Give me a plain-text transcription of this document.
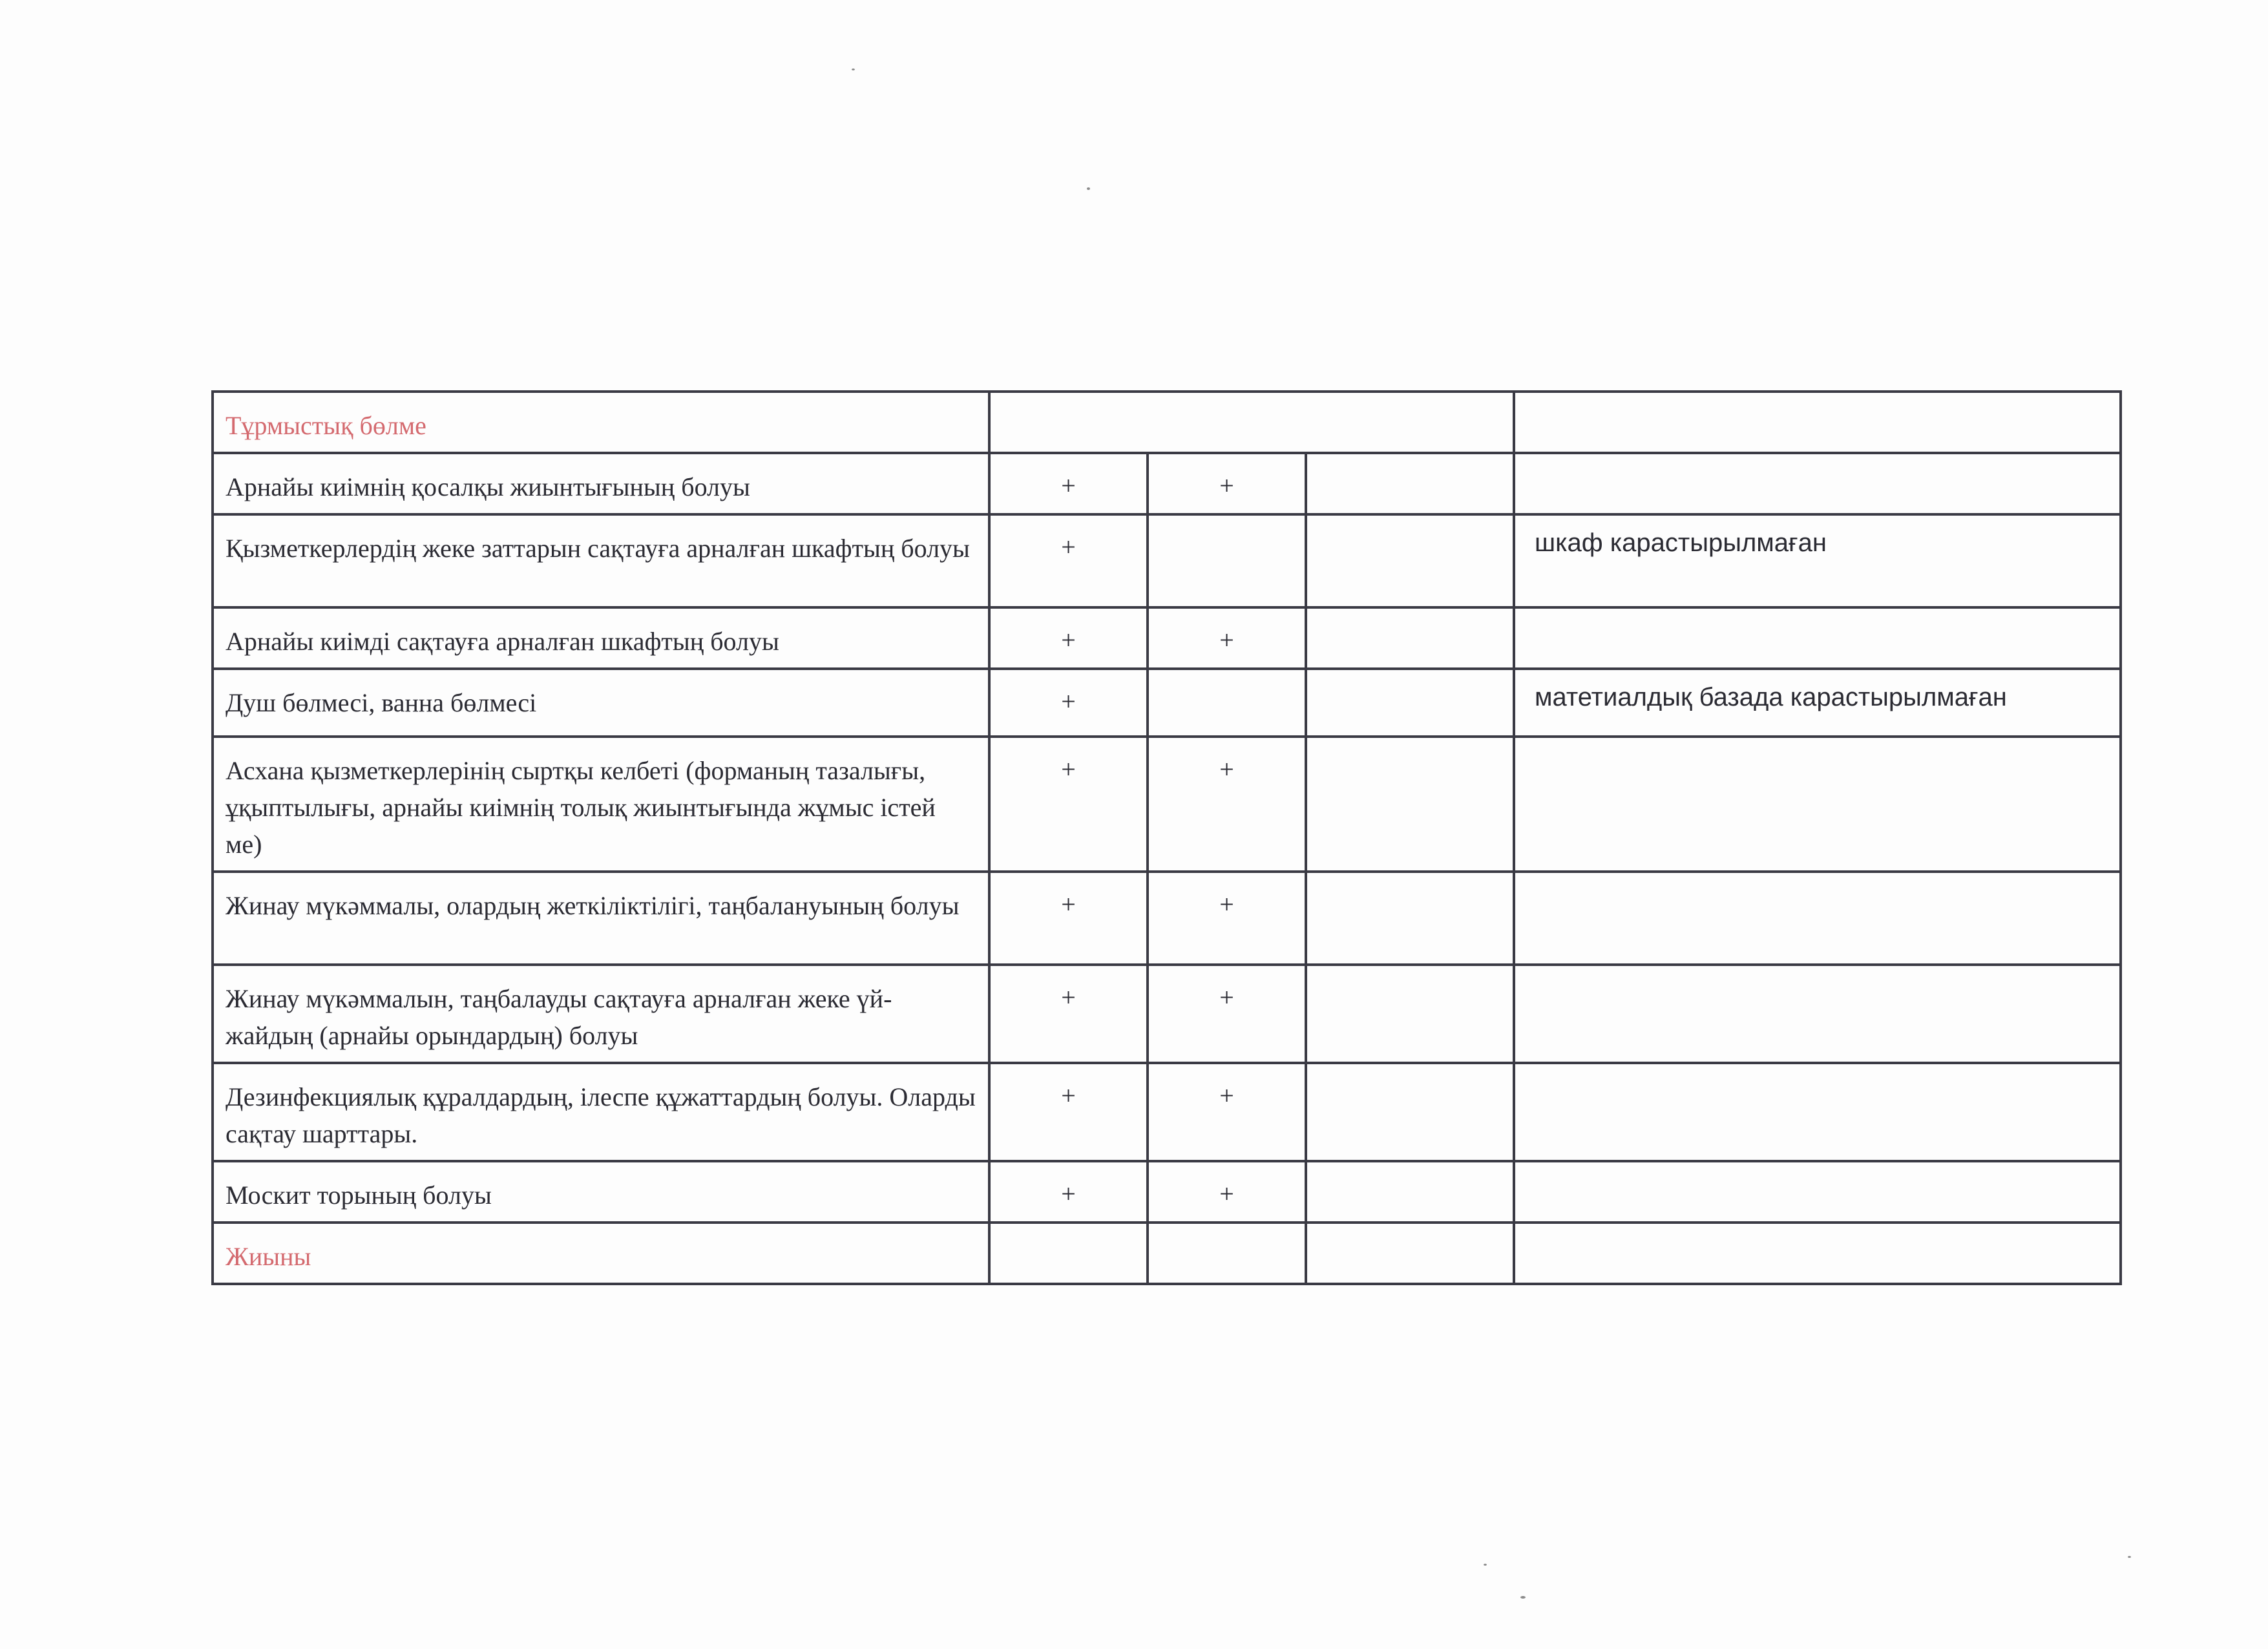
Тұрмыстық бөлме				
Арнайы киімнің қосалқы жиынтығының болуы	+	+		
Қызметкерлердің жеке заттарын сақтауға арналған шкафтың болуы	+			шкаф карастырылмаған
Арнайы киімді сақтауға арналған шкафтың болуы	+	+		
Душ бөлмесі, ванна бөлмесі	+			матетиалдық базада карастырылмаған
Асхана қызметкерлерінің сыртқы келбеті (форманың тазалығы, ұқыптылығы, арнайы киімнің толық жиынтығында жұмыс істей ме)	+	+		
Жинау мүкәммалы, олардың жеткіліктілігі, таңбалануының болуы	+	+		
Жинау мүкәммалын, таңбалауды сақтауға арналған жеке үй-жайдың (арнайы орындардың) болуы	+	+		
Дезинфекциялық құралдардың, ілеспе құжаттардың болуы. Оларды сақтау шарттары.	+	+		
Москит торының болуы	+	+		
Жиыны				
